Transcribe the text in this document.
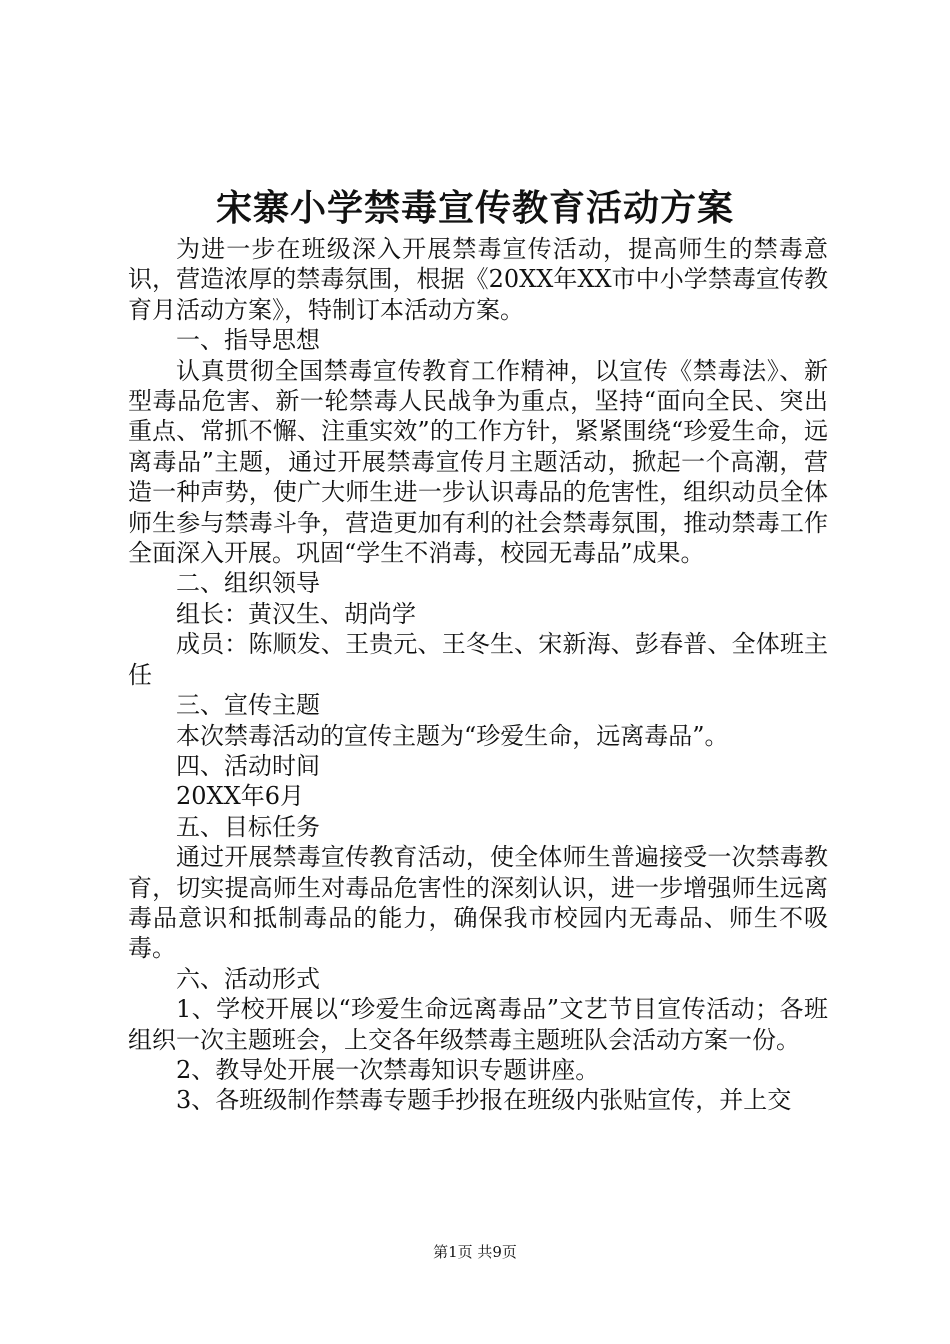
宋寨小学禁毒宣传教育活动方案

为进一步在班级深入开展禁毒宣传活动，提高师生的禁毒意识，营造浓厚的禁毒氛围，根据《20XX年XX市中小学禁毒宣传教育月活动方案》，特制订本活动方案。

一、指导思想

认真贯彻全国禁毒宣传教育工作精神，以宣传《禁毒法》、新型毒品危害、新一轮禁毒人民战争为重点，坚持“面向全民、突出重点、常抓不懈、注重实效”的工作方针，紧紧围绕“珍爱生命，远离毒品”主题，通过开展禁毒宣传月主题活动，掀起一个高潮，营造一种声势，使广大师生进一步认识毒品的危害性，组织动员全体师生参与禁毒斗争，营造更加有利的社会禁毒氛围，推动禁毒工作全面深入开展。巩固“学生不消毒，校园无毒品”成果。

二、组织领导

组长：黄汉生、胡尚学

成员：陈顺发、王贵元、王冬生、宋新海、彭春普、全体班主任

三、宣传主题

本次禁毒活动的宣传主题为“珍爱生命，远离毒品”。

四、活动时间

20XX年6月

五、目标任务

通过开展禁毒宣传教育活动，使全体师生普遍接受一次禁毒教育，切实提高师生对毒品危害性的深刻认识，进一步增强师生远离毒品意识和抵制毒品的能力，确保我市校园内无毒品、师生不吸毒。

六、活动形式

1、学校开展以“珍爱生命远离毒品”文艺节目宣传活动；各班组织一次主题班会，上交各年级禁毒主题班队会活动方案一份。

2、教导处开展一次禁毒知识专题讲座。

3、各班级制作禁毒专题手抄报在班级内张贴宣传，并上交

第1页 共9页
